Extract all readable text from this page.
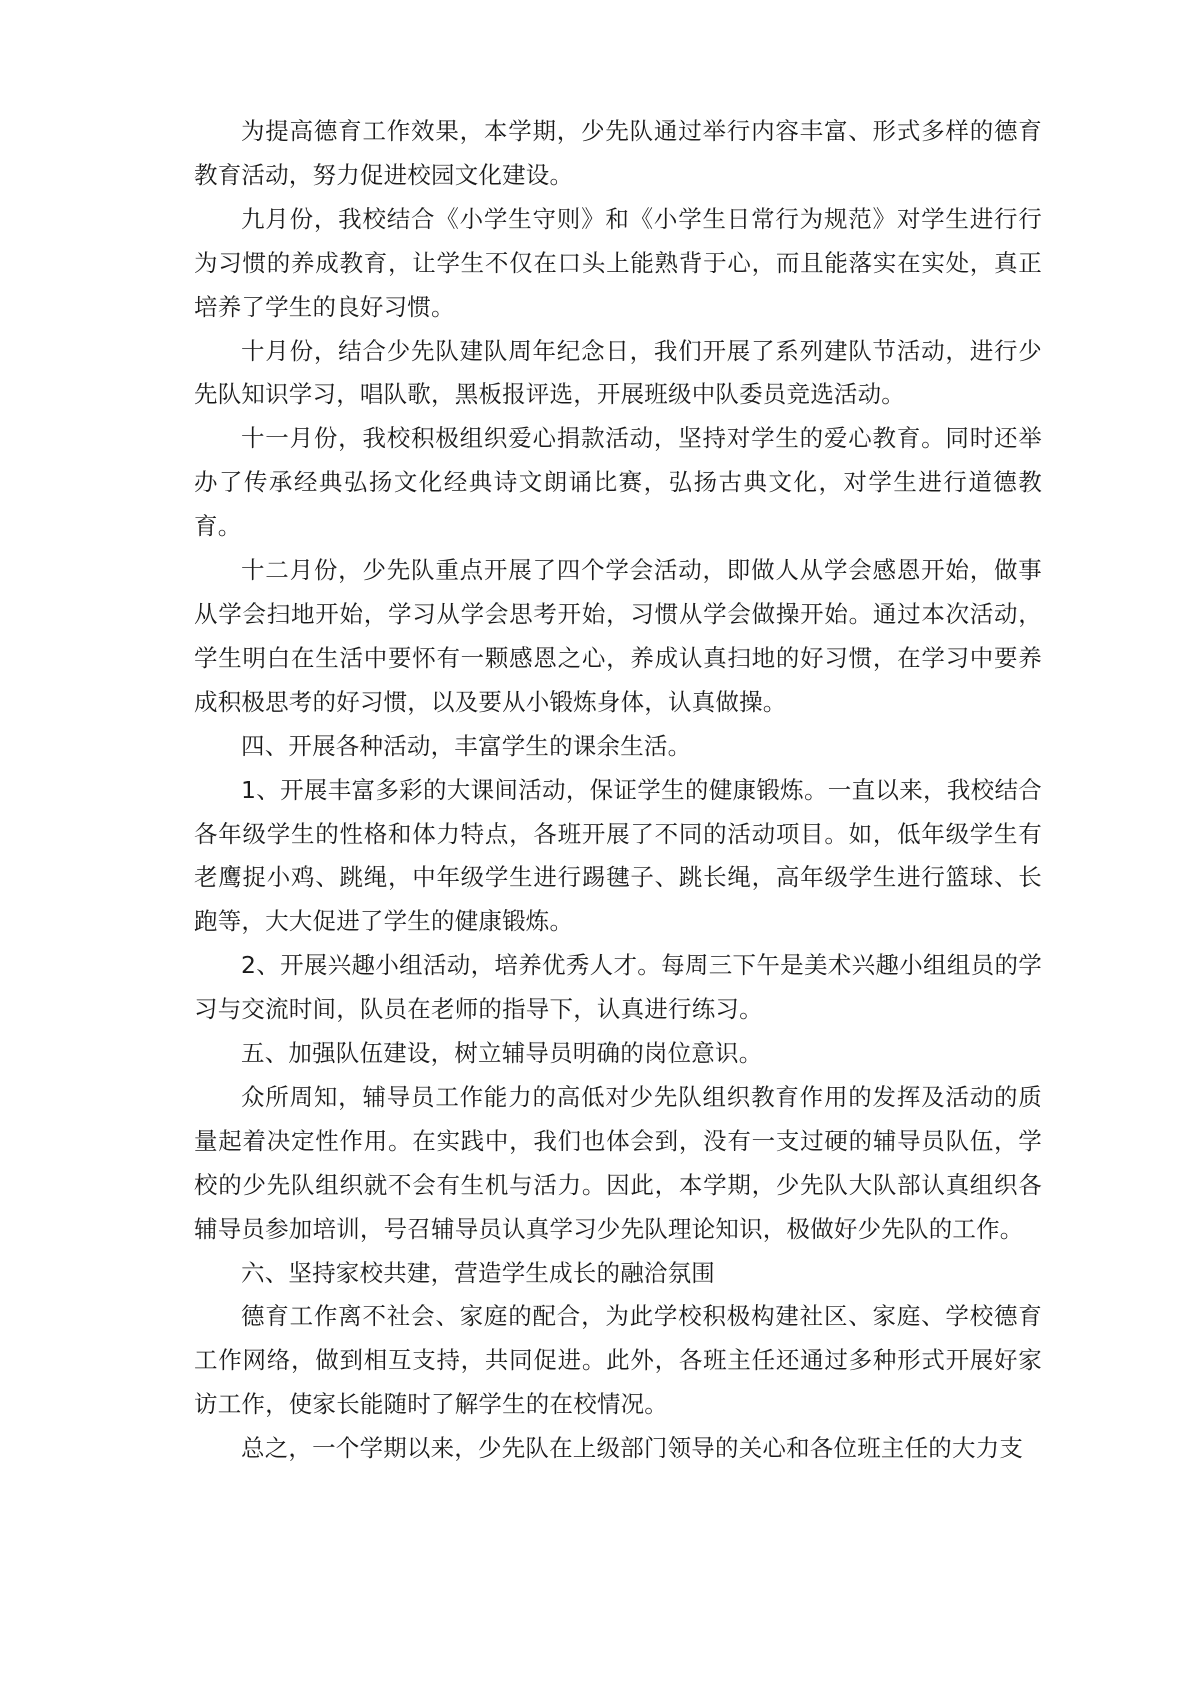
为提高德育工作效果，本学期，少先队通过举行内容丰富、形式多样的德育教育活动，努力促进校园文化建设。

九月份，我校结合《小学生守则》和《小学生日常行为规范》对学生进行行为习惯的养成教育，让学生不仅在口头上能熟背于心，而且能落实在实处，真正培养了学生的良好习惯。

十月份，结合少先队建队周年纪念日，我们开展了系列建队节活动，进行少先队知识学习，唱队歌，黑板报评选，开展班级中队委员竞选活动。

十一月份，我校积极组织爱心捐款活动，坚持对学生的爱心教育。同时还举办了传承经典弘扬文化经典诗文朗诵比赛，弘扬古典文化，对学生进行道德教育。

十二月份，少先队重点开展了四个学会活动，即做人从学会感恩开始，做事从学会扫地开始，学习从学会思考开始，习惯从学会做操开始。通过本次活动，学生明白在生活中要怀有一颗感恩之心，养成认真扫地的好习惯，在学习中要养成积极思考的好习惯，以及要从小锻炼身体，认真做操。

四、开展各种活动，丰富学生的课余生活。

1、开展丰富多彩的大课间活动，保证学生的健康锻炼。一直以来，我校结合各年级学生的性格和体力特点，各班开展了不同的活动项目。如，低年级学生有老鹰捉小鸡、跳绳，中年级学生进行踢毽子、跳长绳，高年级学生进行篮球、长跑等，大大促进了学生的健康锻炼。

2、开展兴趣小组活动，培养优秀人才。每周三下午是美术兴趣小组组员的学习与交流时间，队员在老师的指导下，认真进行练习。

五、加强队伍建设，树立辅导员明确的岗位意识。

众所周知，辅导员工作能力的高低对少先队组织教育作用的发挥及活动的质量起着决定性作用。在实践中，我们也体会到，没有一支过硬的辅导员队伍，学校的少先队组织就不会有生机与活力。因此，本学期，少先队大队部认真组织各辅导员参加培训，号召辅导员认真学习少先队理论知识，极做好少先队的工作。

六、坚持家校共建，营造学生成长的融洽氛围

德育工作离不社会、家庭的配合，为此学校积极构建社区、家庭、学校德育工作网络，做到相互支持，共同促进。此外，各班主任还通过多种形式开展好家访工作，使家长能随时了解学生的在校情况。

总之，一个学期以来，少先队在上级部门领导的关心和各位班主任的大力支
